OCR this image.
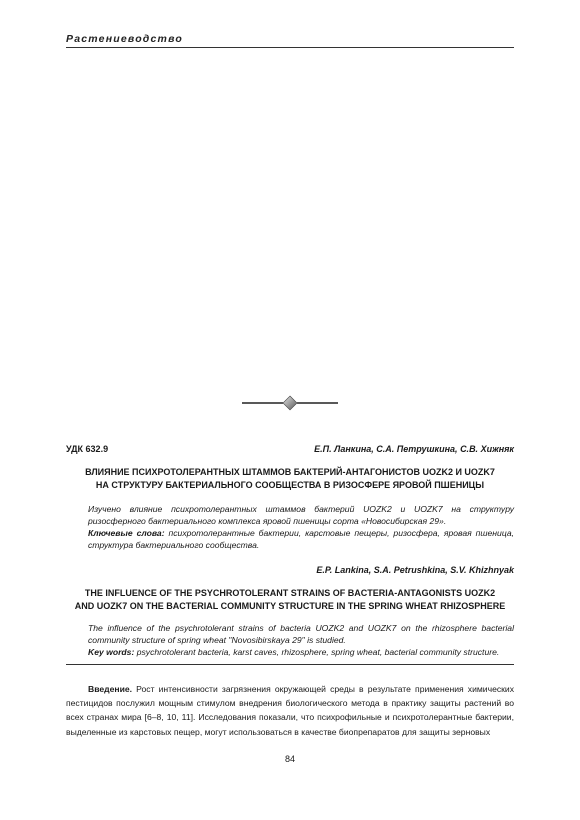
Растениеводство
УДК 632.9	Е.П. Ланкина, С.А. Петрушкина, С.В. Хижняк
ВЛИЯНИЕ ПСИХРОТОЛЕРАНТНЫХ ШТАММОВ БАКТЕРИЙ-АНТАГОНИСТОВ UOZK2 И UOZK7
НА СТРУКТУРУ БАКТЕРИАЛЬНОГО СООБЩЕСТВА В РИЗОСФЕРЕ ЯРОВОЙ ПШЕНИЦЫ
Изучено влияние психротолерантных штаммов бактерий UOZK2 и UOZK7 на структуру ризосферного бактериального комплекса яровой пшеницы сорта «Новосибирская 29».
Ключевые слова: психротолерантные бактерии, карстовые пещеры, ризосфера, яровая пшеница, структура бактериального сообщества.
E.P. Lankina, S.A. Petrushkina, S.V. Khizhnyak
THE INFLUENCE OF THE PSYCHROTOLERANT STRAINS OF BACTERIA-ANTAGONISTS UOZK2
AND UOZK7 ON THE BACTERIAL COMMUNITY STRUCTURE IN THE SPRING WHEAT RHIZOSPHERE
The influence of the psychrotolerant strains of bacteria UOZK2 and UOZK7 on the rhizosphere bacterial community structure of spring wheat "Novosibirskaya 29" is studied.
Key words: psychrotolerant bacteria, karst caves, rhizosphere, spring wheat, bacterial community structure.
Введение. Рост интенсивности загрязнения окружающей среды в результате применения химических пестицидов послужил мощным стимулом внедрения биологического метода в практику защиты растений во всех странах мира [6–8, 10, 11]. Исследования показали, что психрофильные и психротолерантные бактерии, выделенные из карстовых пещер, могут использоваться в качестве биопрепаратов для защиты зерновых
84
